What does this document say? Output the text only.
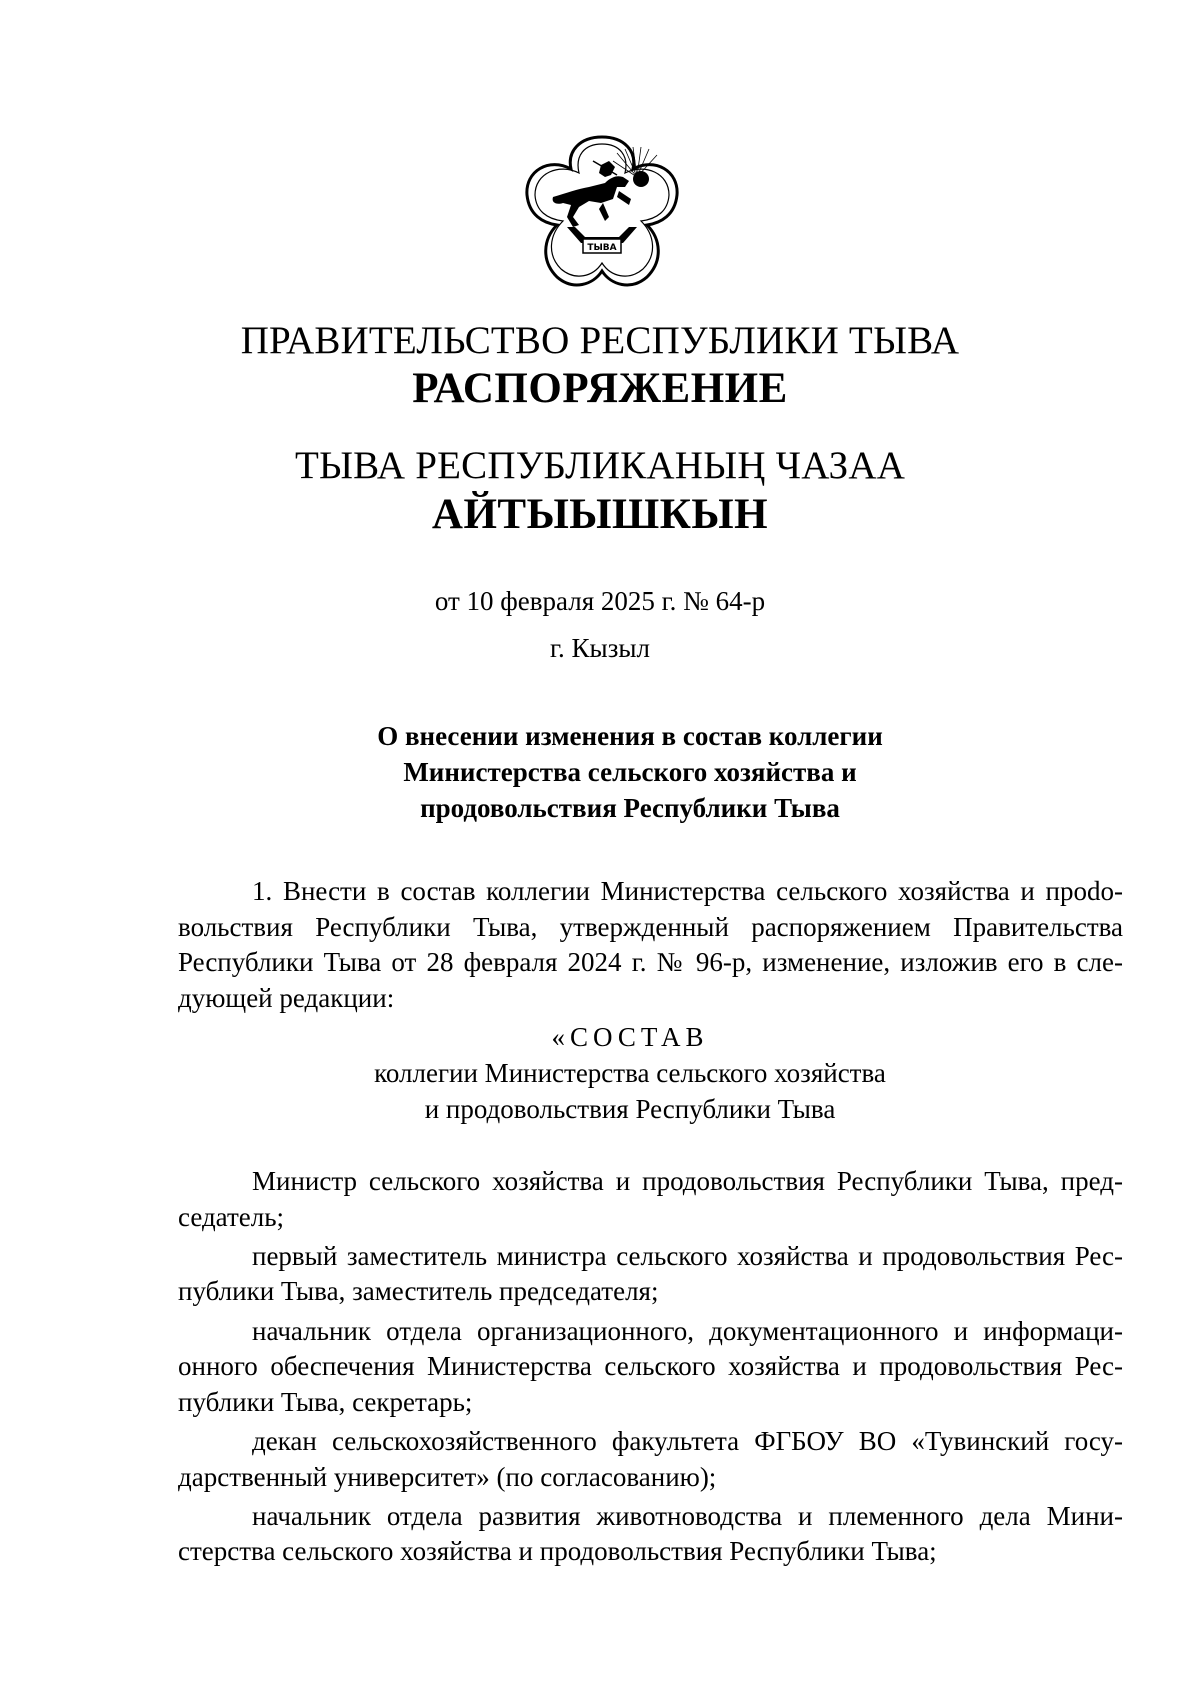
ТЫВА
ПРАВИТЕЛЬСТВО РЕСПУБЛИКИ ТЫВА
РАСПОРЯЖЕНИЕ
ТЫВА РЕСПУБЛИКАНЫҢ ЧАЗАА
АЙТЫЫШКЫН
от 10 февраля 2025 г. № 64-р
г. Кызыл
О внесении изменения в состав коллегии
Министерства сельского хозяйства и
продовольствия Республики Тыва

1. Внести в состав коллегии Министерства сельского хозяйства и проdовольствия Республики Тыва, утвержденный распоряжением Правительства Республики Тыва от 28 февраля 2024 г. № 96-р, изменение, изложив его в следующей редакции:

«СОСТАВ
коллегии Министерства сельского хозяйства
и продовольствия Республики Тыва

Министр сельского хозяйства и продовольствия Республики Тыва, председатель;

первый заместитель министра сельского хозяйства и продовольствия Республики Тыва, заместитель председателя;

начальник отдела организационного, документационного и информационного обеспечения Министерства сельского хозяйства и продовольствия Республики Тыва, секретарь;

декан сельскохозяйственного факультета ФГБОУ ВО «Тувинский государственный университет» (по согласованию);

начальник отдела развития животноводства и племенного дела Министерства сельского хозяйства и продовольствия Республики Тыва;
